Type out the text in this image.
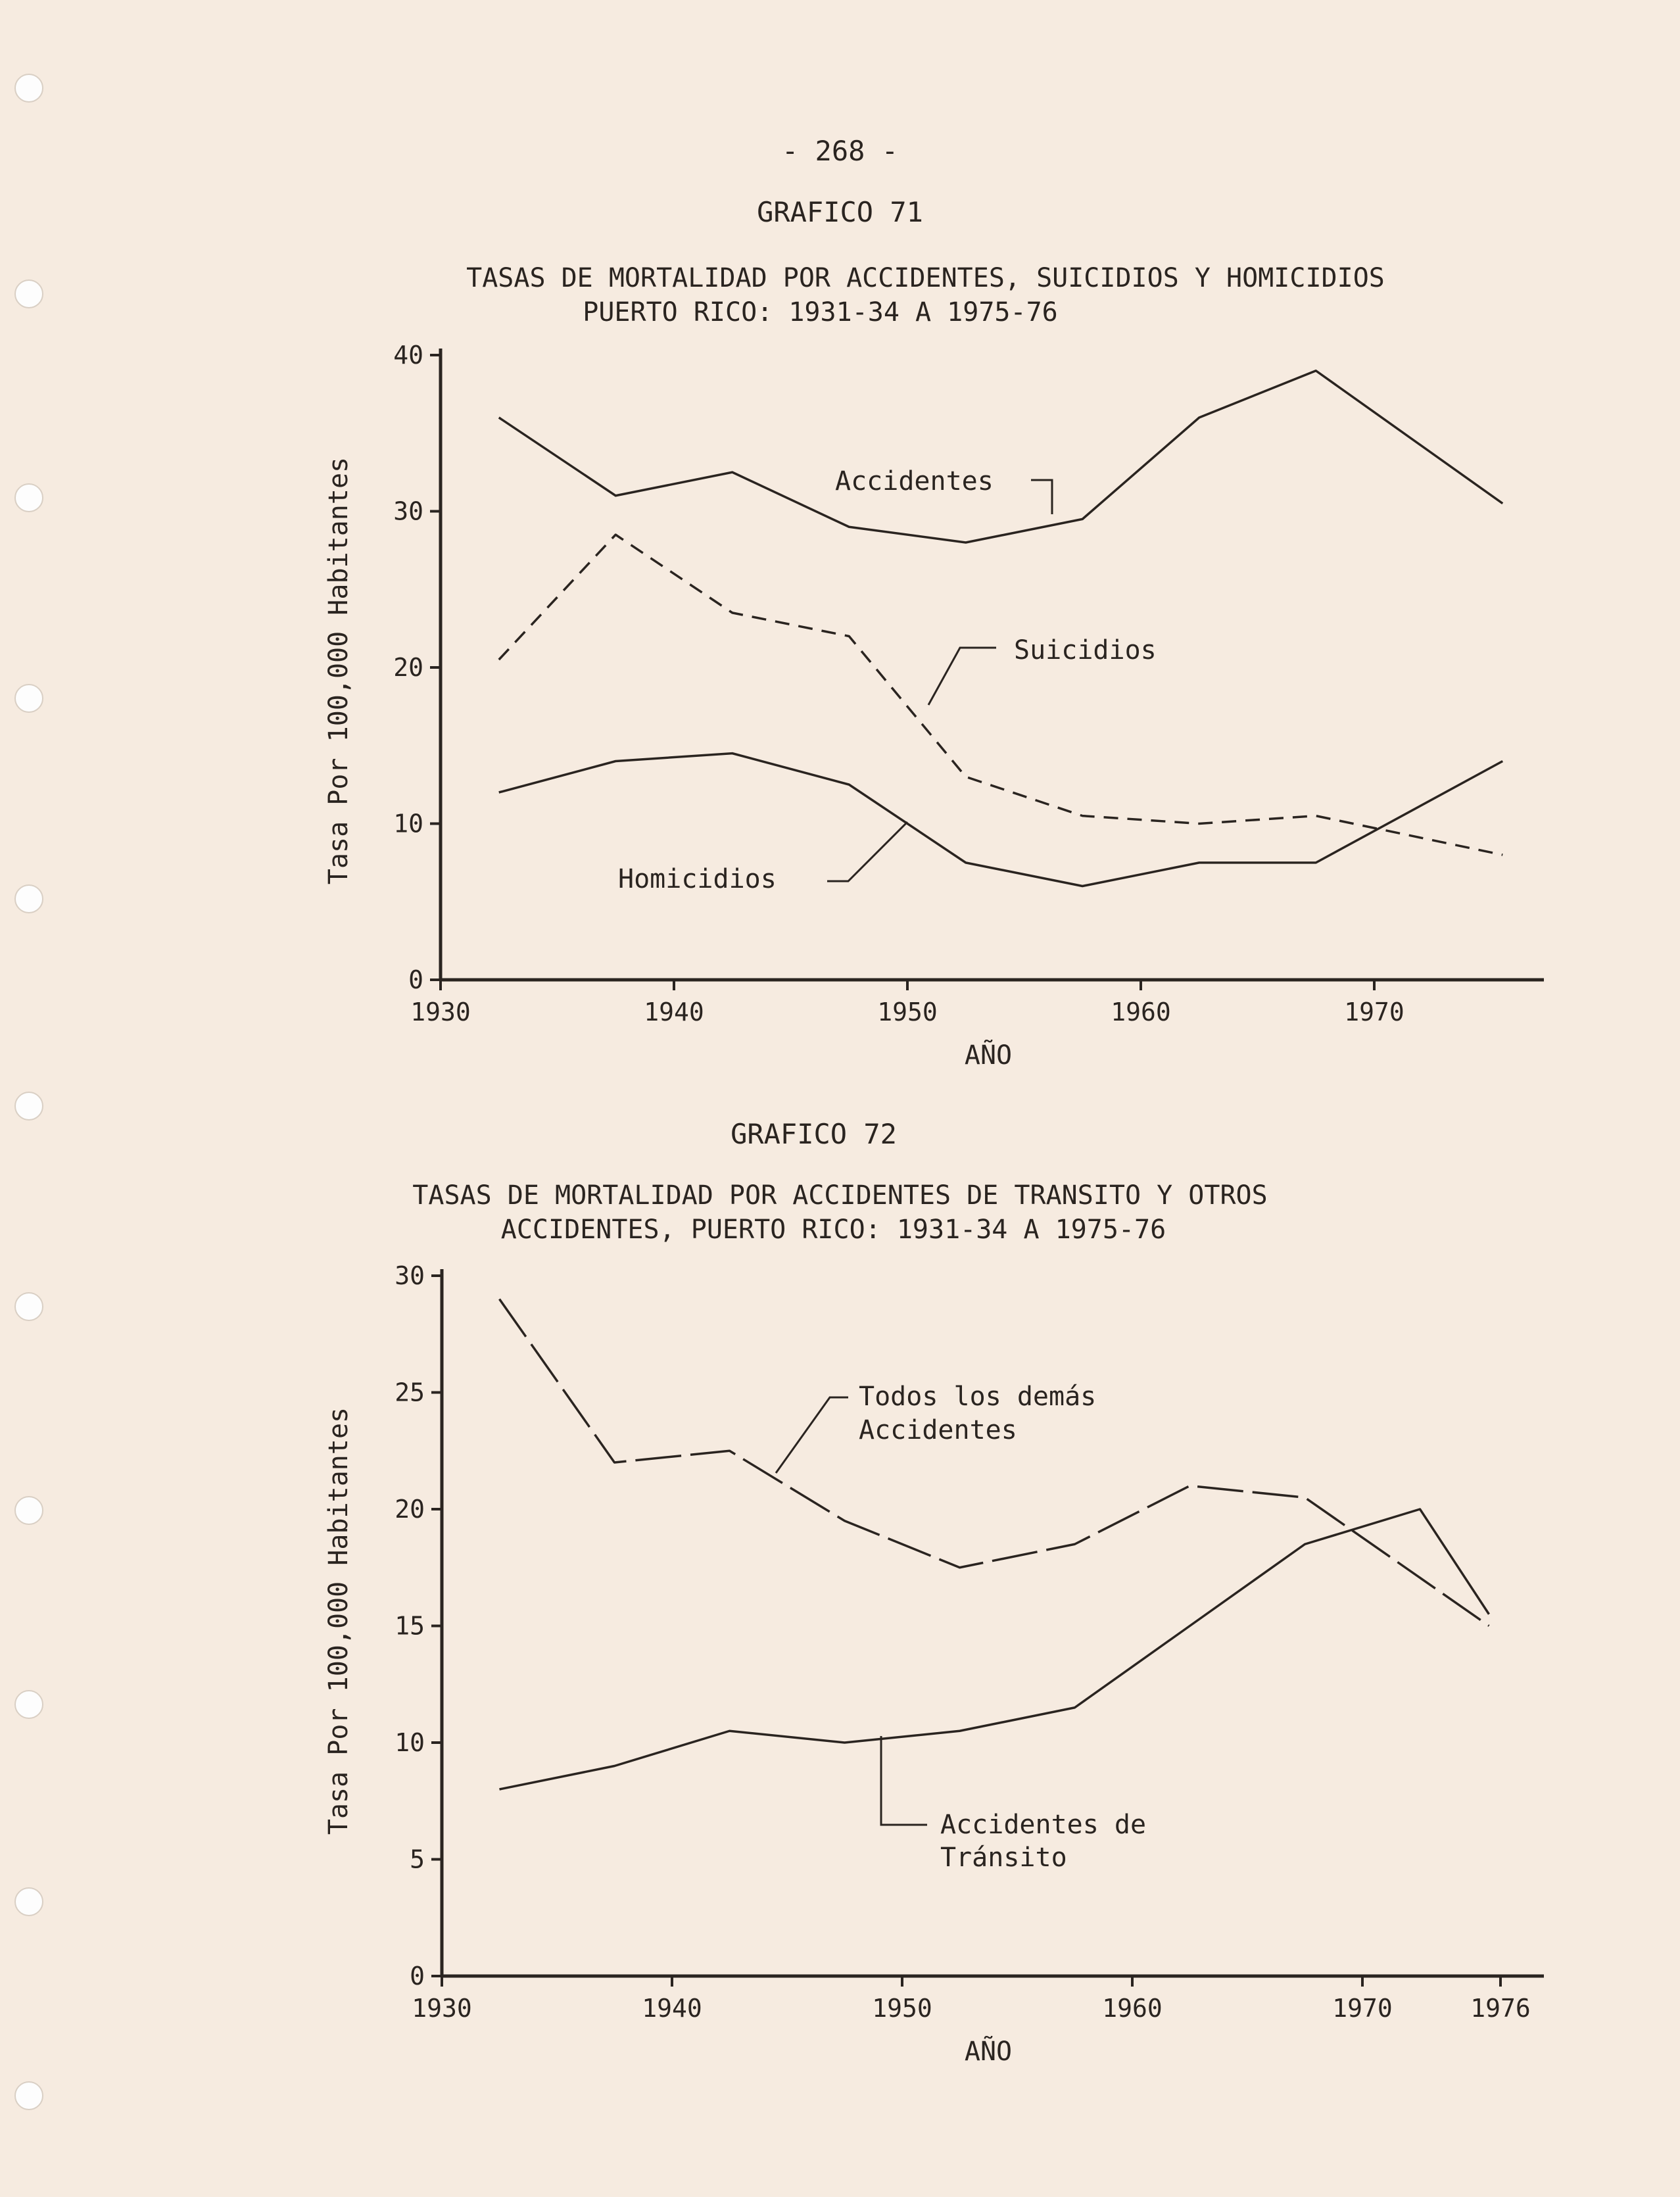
- 268 -
GRAFICO 71
TASAS DE MORTALIDAD POR ACCIDENTES, SUICIDIOS Y HOMICIDIOS
PUERTO RICO: 1931-34 A 1975-76
GRAFICO 72
TASAS DE MORTALIDAD POR ACCIDENTES DE TRANSITO Y OTROS
ACCIDENTES, PUERTO RICO: 1931-34 A 1975-76
0
10
20
30
40
1930	1940	1950	1960	1970
Tasa Por 100,000 Habitantes
AÑO
Accidentes
Suicidios
Homicidios
0
5
10
15
20
25
30
1930	1940	1950	1960	1970	1976
Tasa Por 100,000 Habitantes
AÑO
Todos los demás
Accidentes
Accidentes de
Tránsito
